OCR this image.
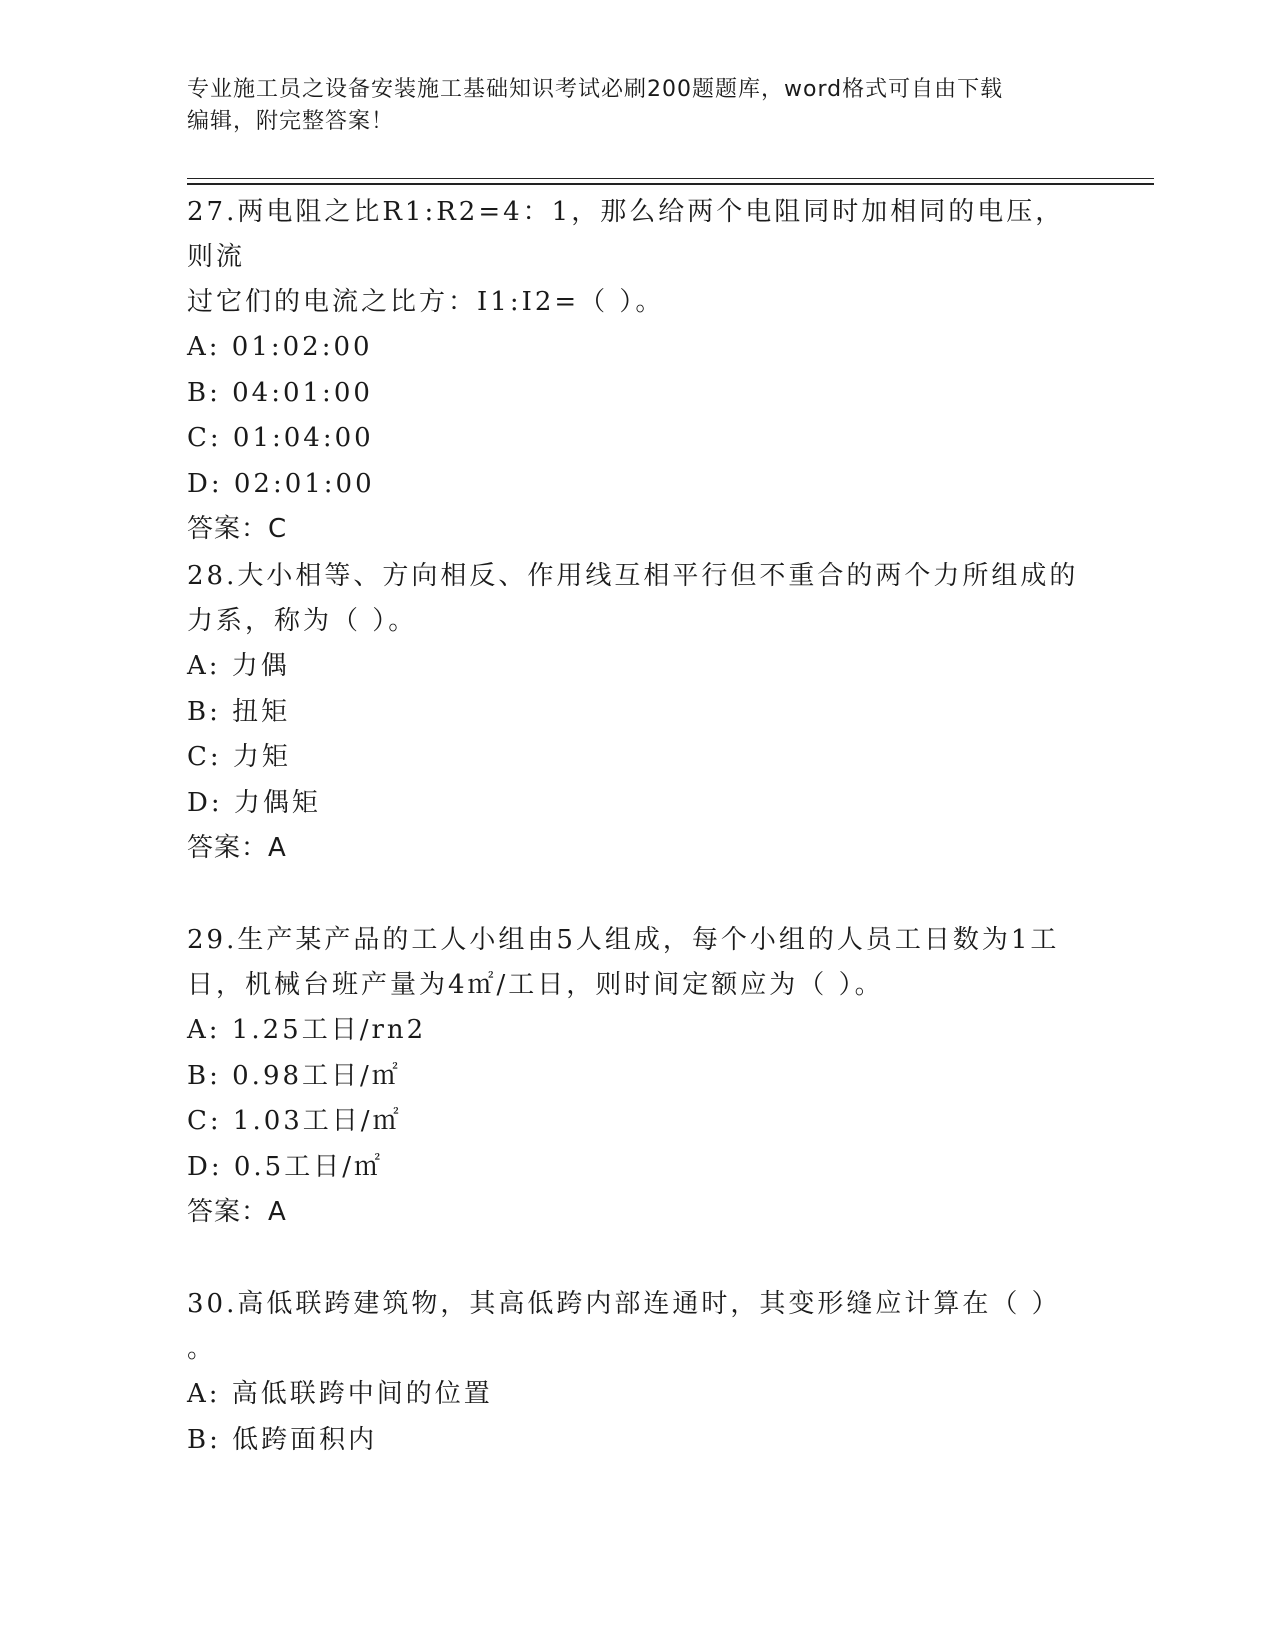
专业施工员之设备安装施工基础知识考试必刷200题题库，word格式可自由下载
编辑，附完整答案！
27.两电阻之比R1:R2=4：1，那么给两个电阻同时加相同的电压，则流
过它们的电流之比方：I1:I2=（ ）。
A: 01:02:00
B: 04:01:00
C: 01:04:00
D: 02:01:00
答案：C
28.大小相等、方向相反、作用线互相平行但不重合的两个力所组成的
力系，称为（ ）。
A: 力偶
B: 扭矩
C: 力矩
D: 力偶矩
答案：A
29.生产某产品的工人小组由5人组成，每个小组的人员工日数为1工
日，机械台班产量为4㎡/工日，则时间定额应为（ ）。
A: 1.25工日/rn2
B: 0.98工日/㎡
C: 1.03工日/㎡
D: 0.5工日/㎡
答案：A
30.高低联跨建筑物，其高低跨内部连通时，其变形缝应计算在（ ）
。
A: 高低联跨中间的位置
B: 低跨面积内
